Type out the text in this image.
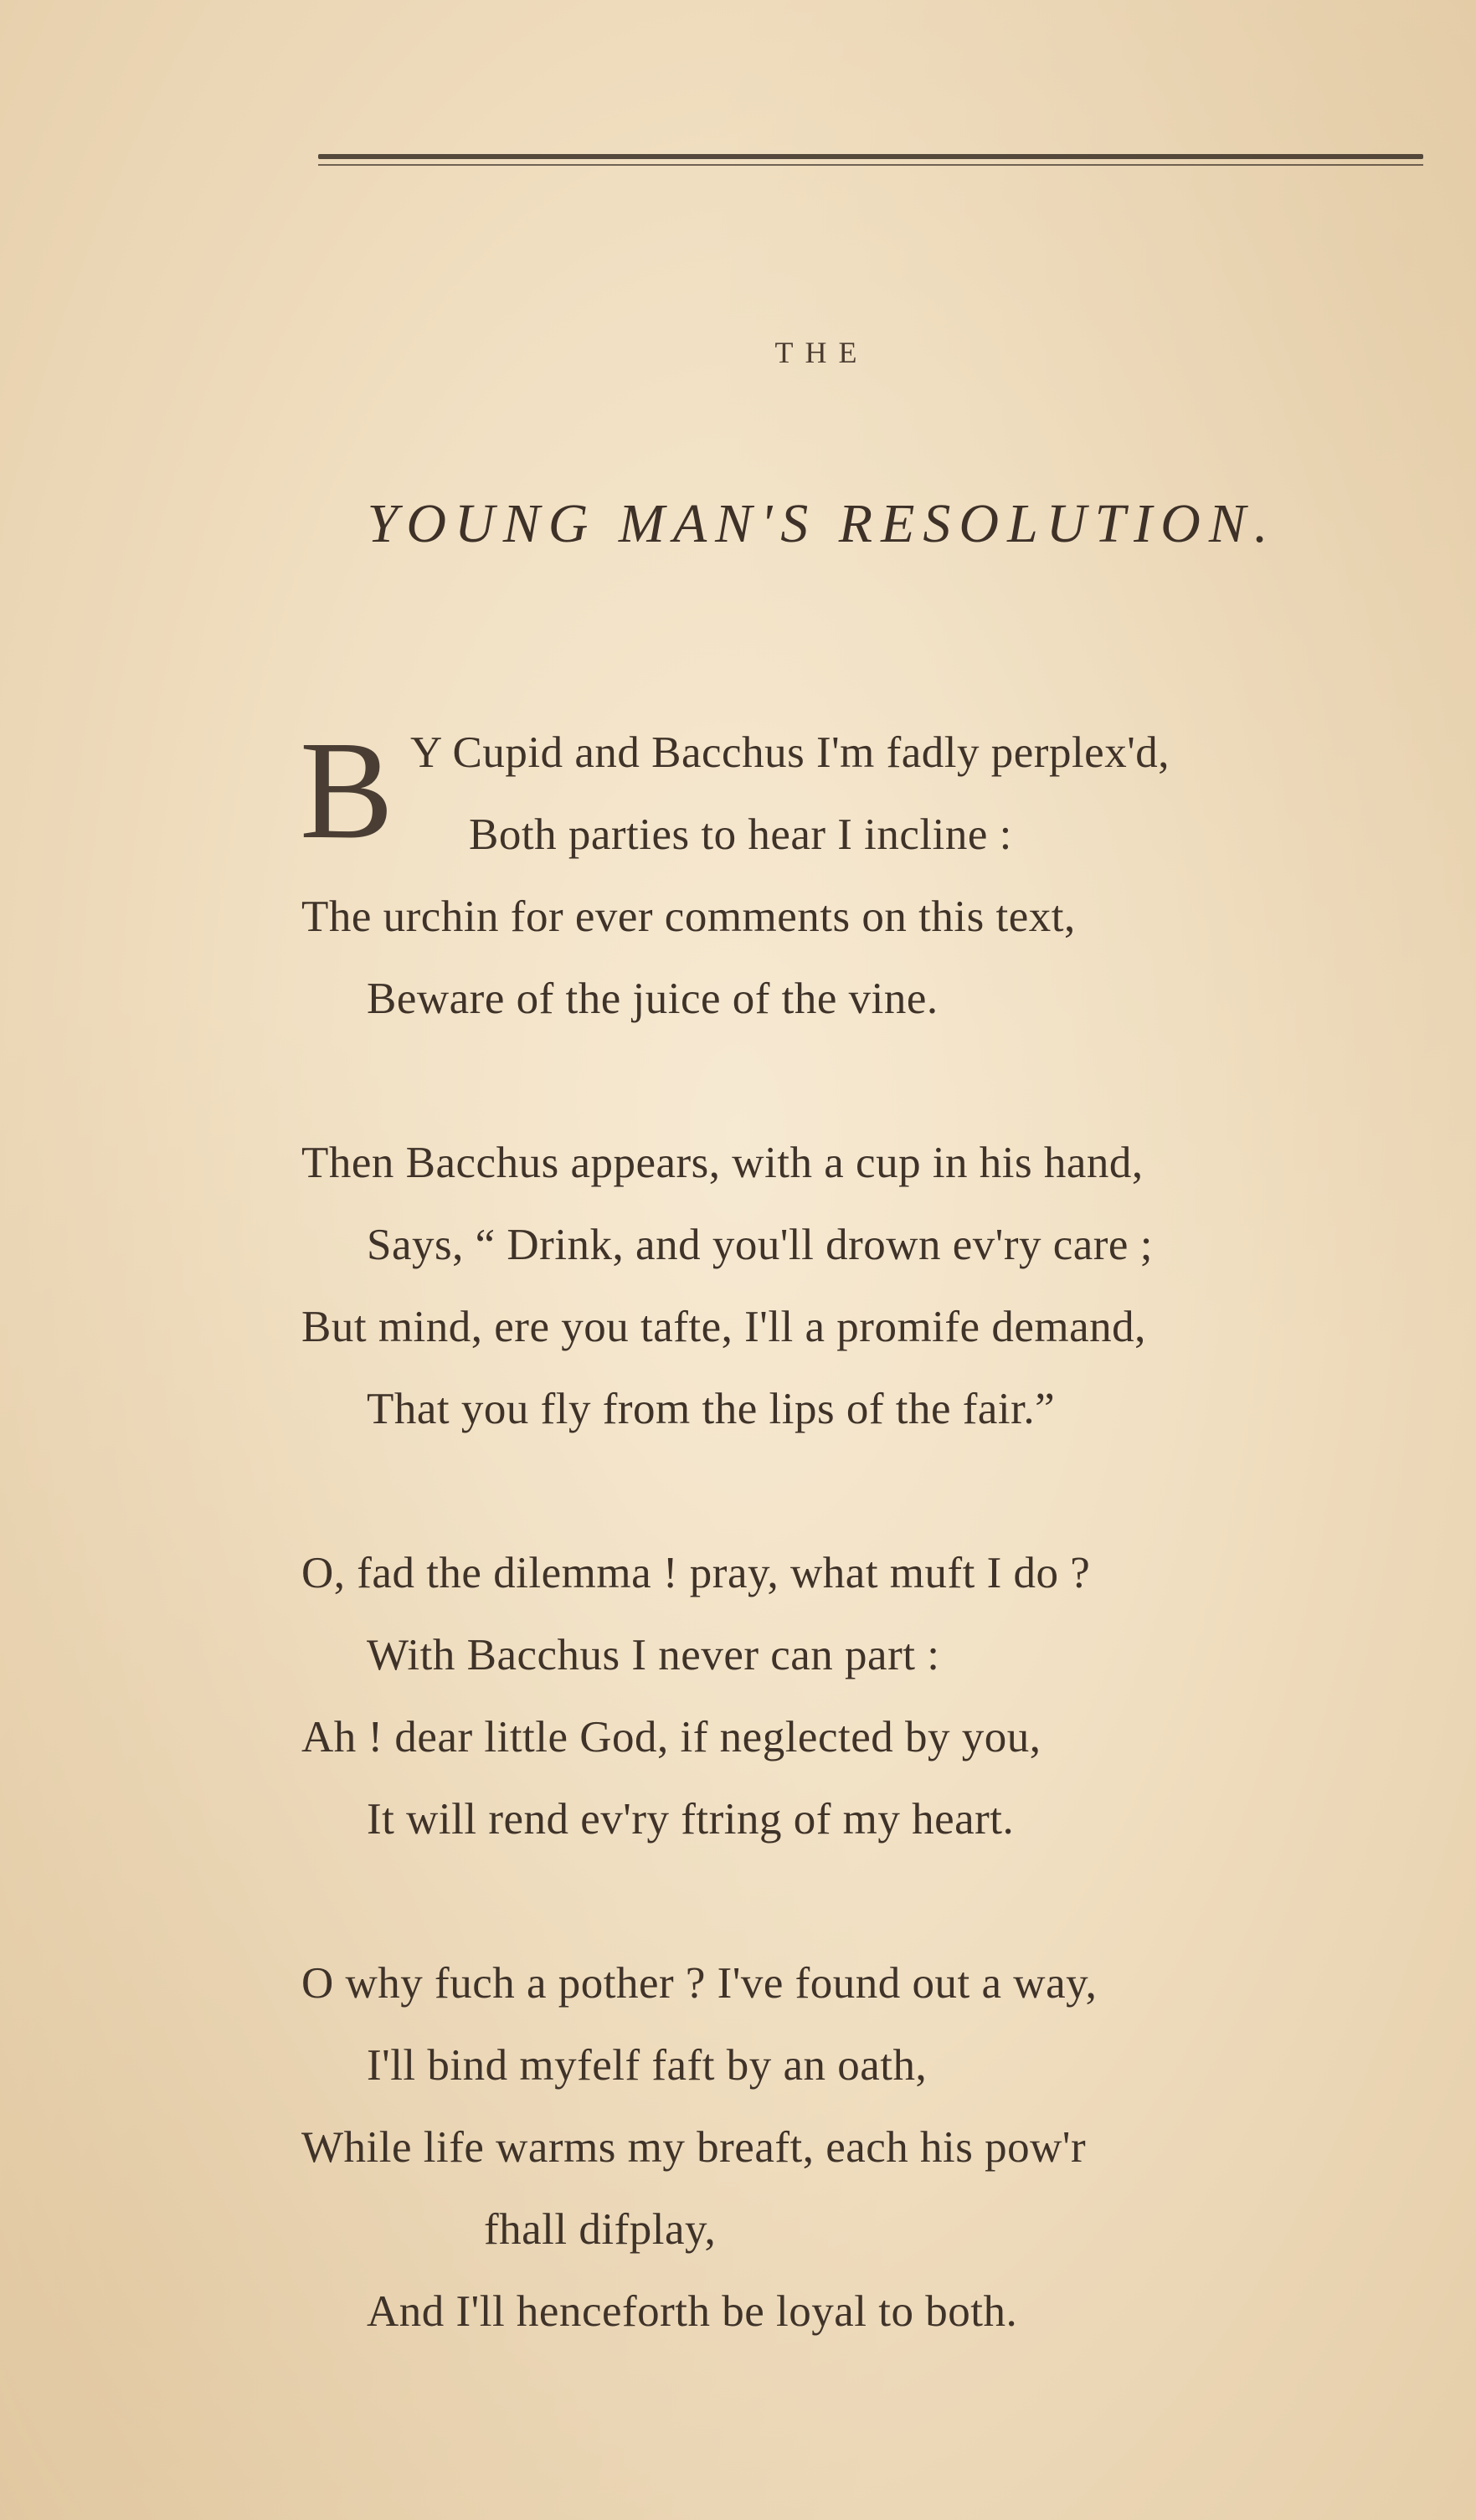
THE
YOUNG MAN'S RESOLUTION.
B Y Cupid and Bacchus I'm fadly perplex'd,
Both parties to hear I incline :
The urchin for ever comments on this text,
Beware of the juice of the vine.
Then Bacchus appears, with a cup in his hand,
Says, “ Drink, and you'll drown ev'ry care ;
But mind, ere you tafte, I'll a promife demand,
That you fly from the lips of the fair.”
O, fad the dilemma ! pray, what muft I do ?
With Bacchus I never can part :
Ah ! dear little God, if neglected by you,
It will rend ev'ry ftring of my heart.
O why fuch a pother ? I've found out a way,
I'll bind myfelf faft by an oath,
While life warms my breaft, each his pow'r
fhall difplay,
And I'll henceforth be loyal to both.
